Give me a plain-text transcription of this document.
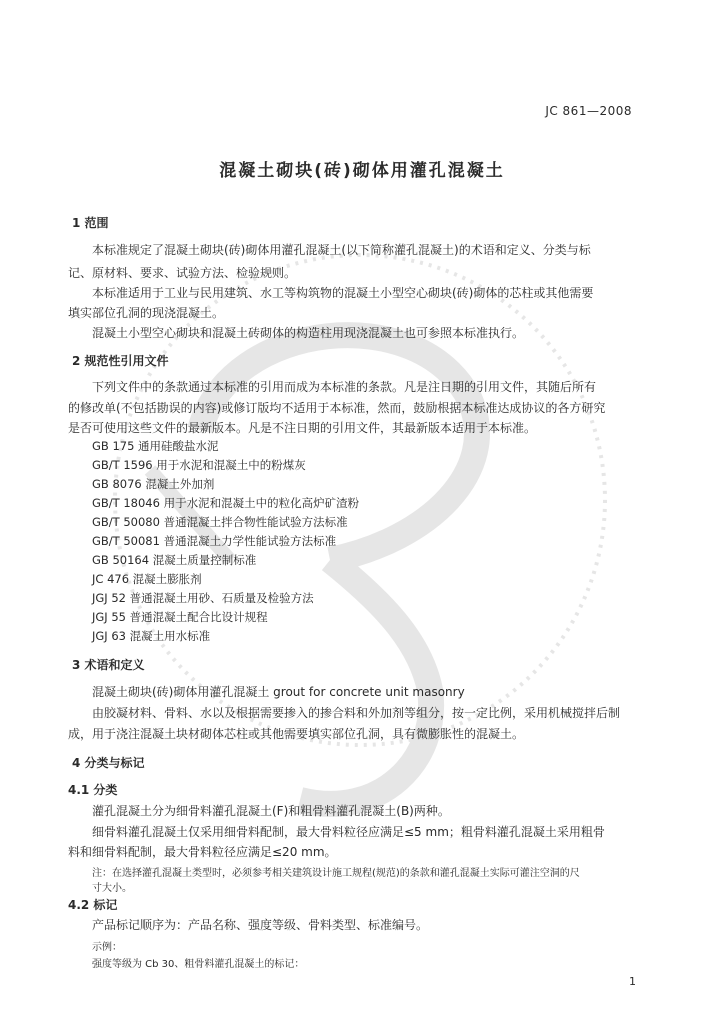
JC 861—2008
混凝土砌块(砖)砌体用灌孔混凝土
1 范围
本标准规定了混凝土砌块(砖)砌体用灌孔混凝土(以下简称灌孔混凝土)的术语和定义、分类与标
记、原材料、要求、试验方法、检验规则。
本标准适用于工业与民用建筑、水工等构筑物的混凝土小型空心砌块(砖)砌体的芯柱或其他需要
填实部位孔洞的现浇混凝土。
混凝土小型空心砌块和混凝土砖砌体的构造柱用现浇混凝土也可参照本标准执行。
2 规范性引用文件
下列文件中的条款通过本标准的引用而成为本标准的条款。凡是注日期的引用文件，其随后所有
的修改单(不包括勘误的内容)或修订版均不适用于本标准，然而，鼓励根据本标准达成协议的各方研究
是否可使用这些文件的最新版本。凡是不注日期的引用文件，其最新版本适用于本标准。
GB 175 通用硅酸盐水泥
GB/T 1596 用于水泥和混凝土中的粉煤灰
GB 8076 混凝土外加剂
GB/T 18046 用于水泥和混凝土中的粒化高炉矿渣粉
GB/T 50080 普通混凝土拌合物性能试验方法标准
GB/T 50081 普通混凝土力学性能试验方法标准
GB 50164 混凝土质量控制标准
JC 476 混凝土膨胀剂
JGJ 52 普通混凝土用砂、石质量及检验方法
JGJ 55 普通混凝土配合比设计规程
JGJ 63 混凝土用水标准
3 术语和定义
混凝土砌块(砖)砌体用灌孔混凝土 grout for concrete unit masonry
由胶凝材料、骨料、水以及根据需要掺入的掺合料和外加剂等组分，按一定比例，采用机械搅拌后制
成，用于浇注混凝土块材砌体芯柱或其他需要填实部位孔洞，具有微膨胀性的混凝土。
4 分类与标记
4.1 分类
灌孔混凝土分为细骨料灌孔混凝土(F)和粗骨料灌孔混凝土(B)两种。
细骨料灌孔混凝土仅采用细骨料配制，最大骨料粒径应满足≤5 mm；粗骨料灌孔混凝土采用粗骨
料和细骨料配制，最大骨料粒径应满足≤20 mm。
注：在选择灌孔混凝土类型时，必须参考相关建筑设计施工规程(规范)的条款和灌孔混凝土实际可灌注空洞的尺
寸大小。
4.2 标记
产品标记顺序为：产品名称、强度等级、骨料类型、标准编号。
示例：
强度等级为 Cb 30、粗骨料灌孔混凝土的标记：
1
